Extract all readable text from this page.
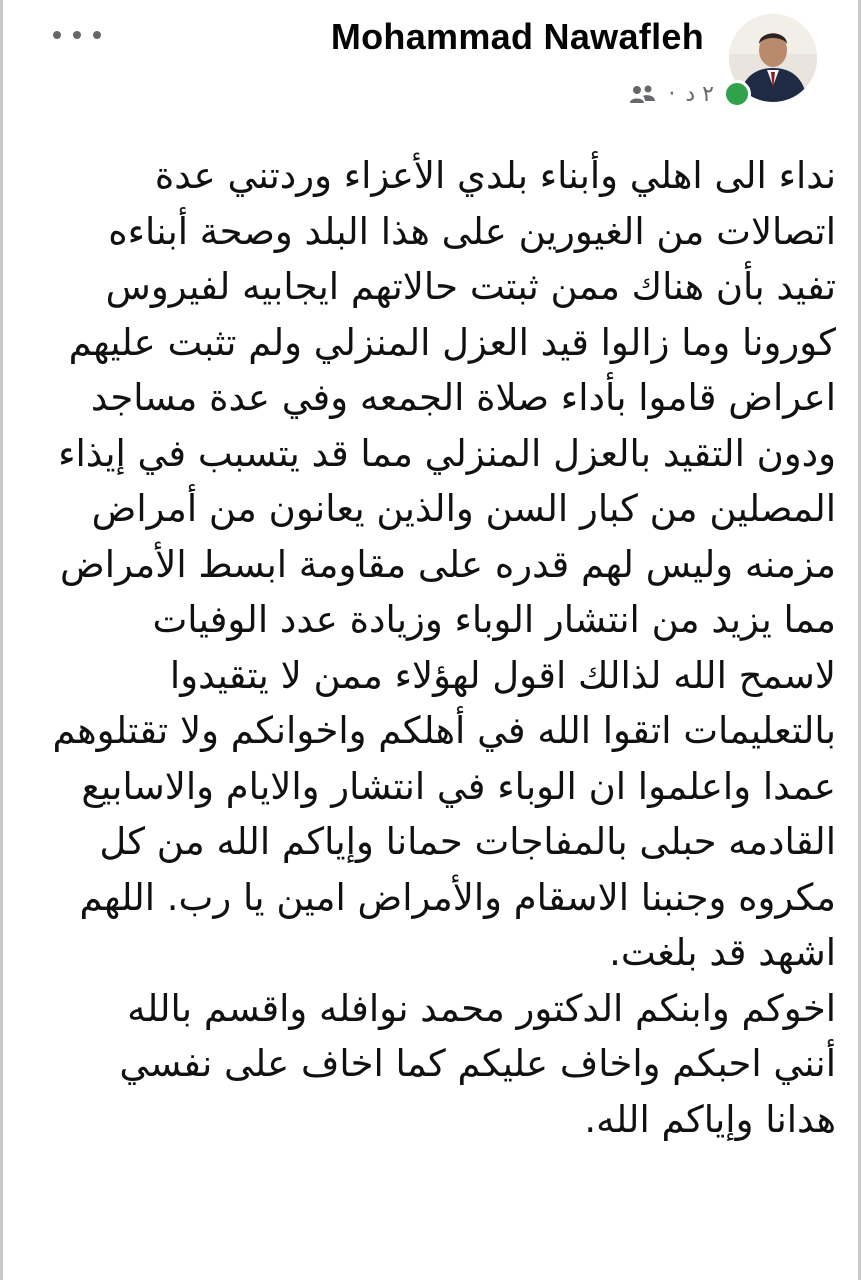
Mohammad Nawafleh
· ٢ د
نداء الى اهلي وأبناء بلدي الأعزاء وردتني عدة
اتصالات من الغيورين على هذا البلد وصحة أبناءه
تفيد بأن هناك ممن ثبتت حالاتهم ايجابيه لفيروس
كورونا وما زالوا قيد العزل المنزلي ولم تثبت عليهم
اعراض قاموا بأداء صلاة الجمعه وفي عدة مساجد
ودون التقيد بالعزل المنزلي مما قد يتسبب في إيذاء
المصلين من كبار السن والذين يعانون من أمراض
مزمنه وليس لهم قدره على مقاومة ابسط الأمراض
مما يزيد من انتشار الوباء وزيادة عدد الوفيات
لاسمح الله لذالك اقول لهؤلاء ممن لا يتقيدوا
بالتعليمات اتقوا الله في أهلكم واخوانكم ولا تقتلوهم
عمدا واعلموا ان الوباء في انتشار والايام والاسابيع
القادمه حبلى بالمفاجات حمانا وإياكم الله من كل
مكروه وجنبنا الاسقام والأمراض امين يا رب. اللهم
اشهد قد بلغت.
اخوكم وابنكم الدكتور محمد نوافله واقسم بالله
أنني احبكم واخاف عليكم كما اخاف على نفسي
هدانا وإياكم الله.
